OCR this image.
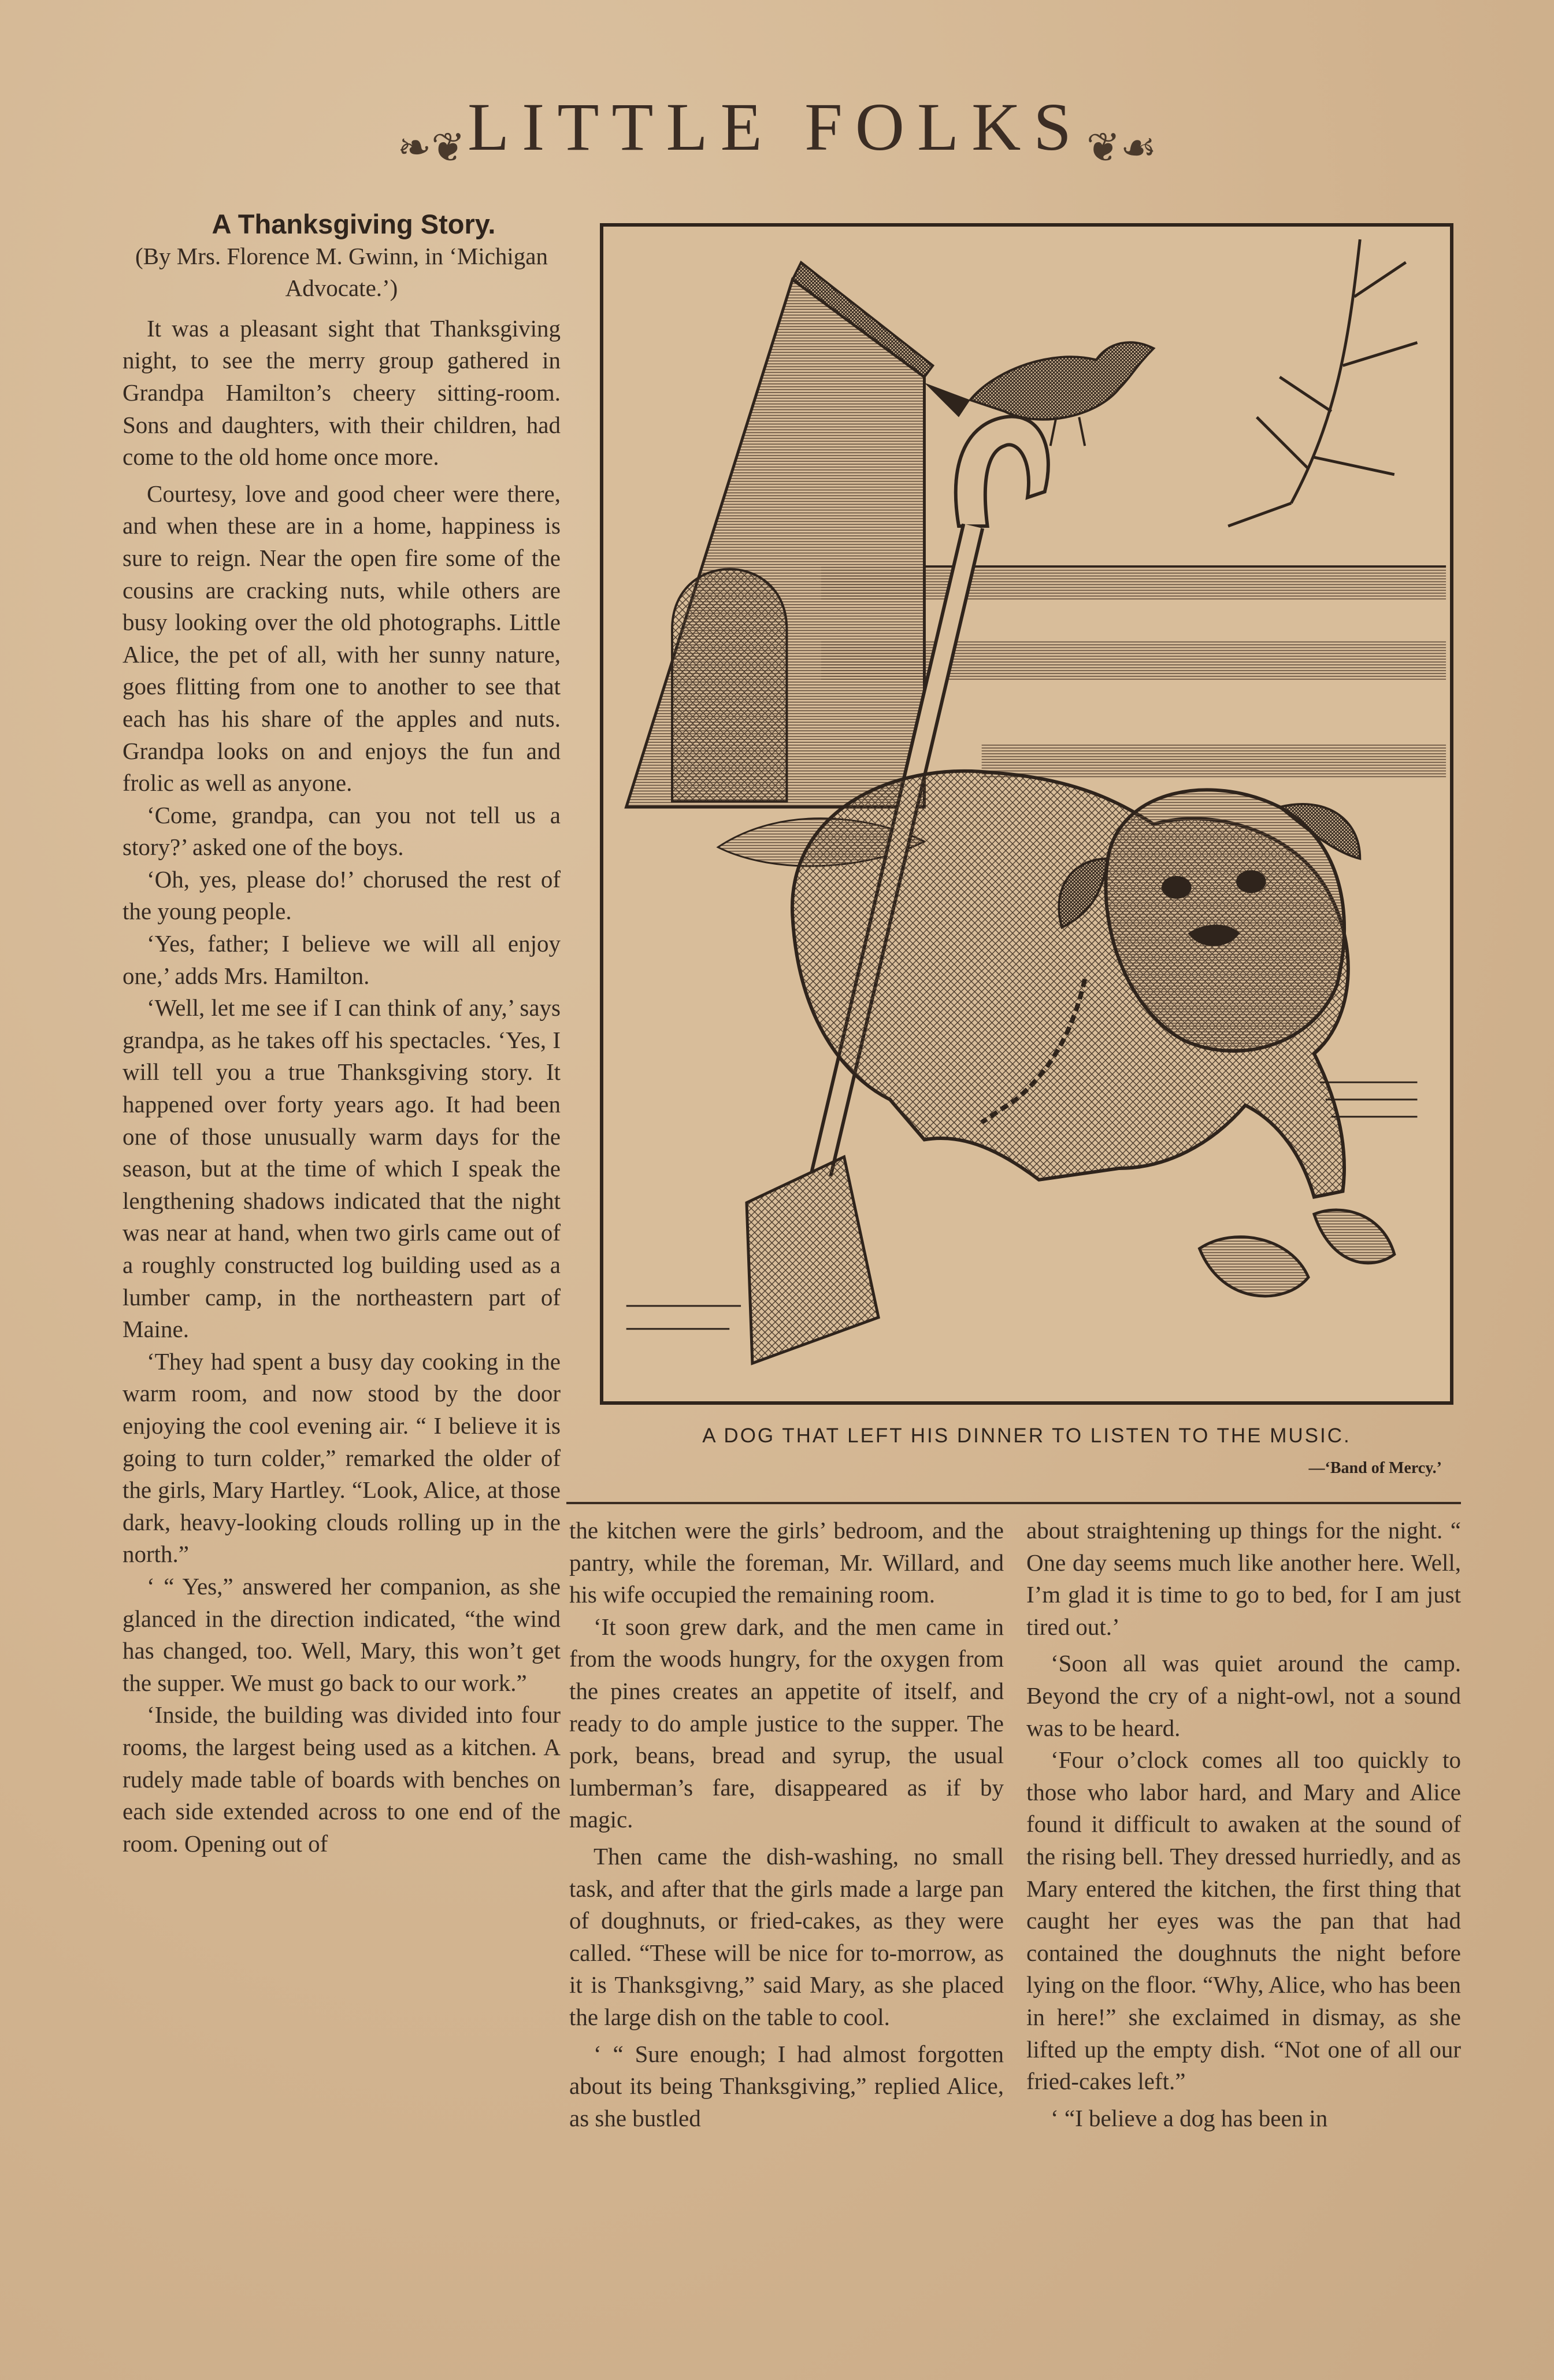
❧❦ LITTLE FOLKS ❦☙

A Thanksgiving Story.

(By Mrs. Florence M. Gwinn, in ‘Michigan Advocate.’)

It was a pleasant sight that Thanksgiving night, to see the merry group gathered in Grandpa Hamilton’s cheery sitting-room. Sons and daughters, with their children, had come to the old home once more.

Courtesy, love and good cheer were there, and when these are in a home, happiness is sure to reign. Near the open fire some of the cousins are cracking nuts, while others are busy looking over the old photographs. Little Alice, the pet of all, with her sunny nature, goes flitting from one to another to see that each has his share of the apples and nuts. Grandpa looks on and enjoys the fun and frolic as well as anyone.

‘Come, grandpa, can you not tell us a story?’ asked one of the boys.

‘Oh, yes, please do!’ chorused the rest of the young people.

‘Yes, father; I believe we will all enjoy one,’ adds Mrs. Hamilton.

‘Well, let me see if I can think of any,’ says grandpa, as he takes off his spectacles. ‘Yes, I will tell you a true Thanksgiving story. It happened over forty years ago. It had been one of those unusually warm days for the season, but at the time of which I speak the lengthening shadows indicated that the night was near at hand, when two girls came out of a roughly constructed log building used as a lumber camp, in the northeastern part of Maine.

‘They had spent a busy day cooking in the warm room, and now stood by the door enjoying the cool evening air. “ I believe it is going to turn colder,” remarked the older of the girls, Mary Hartley. “Look, Alice, at those dark, heavy-looking clouds rolling up in the north.”

‘ “ Yes,” answered her companion, as she glanced in the direction indicated, “the wind has changed, too. Well, Mary, this won’t get the supper. We must go back to our work.”

‘Inside, the building was divided into four rooms, the largest being used as a kitchen. A rudely made table of boards with benches on each side extended across to one end of the room. Opening out of

A DOG THAT LEFT HIS DINNER TO LISTEN TO THE MUSIC.
—‘Band of Mercy.’

the kitchen were the girls’ bedroom, and the pantry, while the foreman, Mr. Willard, and his wife occupied the remaining room.

‘It soon grew dark, and the men came in from the woods hungry, for the oxygen from the pines creates an appetite of itself, and ready to do ample justice to the supper. The pork, beans, bread and syrup, the usual lumberman’s fare, disappeared as if by magic.

Then came the dish-washing, no small task, and after that the girls made a large pan of doughnuts, or fried-cakes, as they were called. “These will be nice for to-morrow, as it is Thanksgivng,” said Mary, as she placed the large dish on the table to cool.

‘ “ Sure enough; I had almost forgotten about its being Thanksgiving,” replied Alice, as she bustled

about straightening up things for the night. “ One day seems much like another here. Well, I’m glad it is time to go to bed, for I am just tired out.’

‘Soon all was quiet around the camp. Beyond the cry of a night-owl, not a sound was to be heard.

‘Four o’clock comes all too quickly to those who labor hard, and Mary and Alice found it difficult to awaken at the sound of the rising bell. They dressed hurriedly, and as Mary entered the kitchen, the first thing that caught her eyes was the pan that had contained the doughnuts the night before lying on the floor. “Why, Alice, who has been in here!” she exclaimed in dismay, as she lifted up the empty dish. “Not one of all our fried-cakes left.”

‘ “I believe a dog has been in
